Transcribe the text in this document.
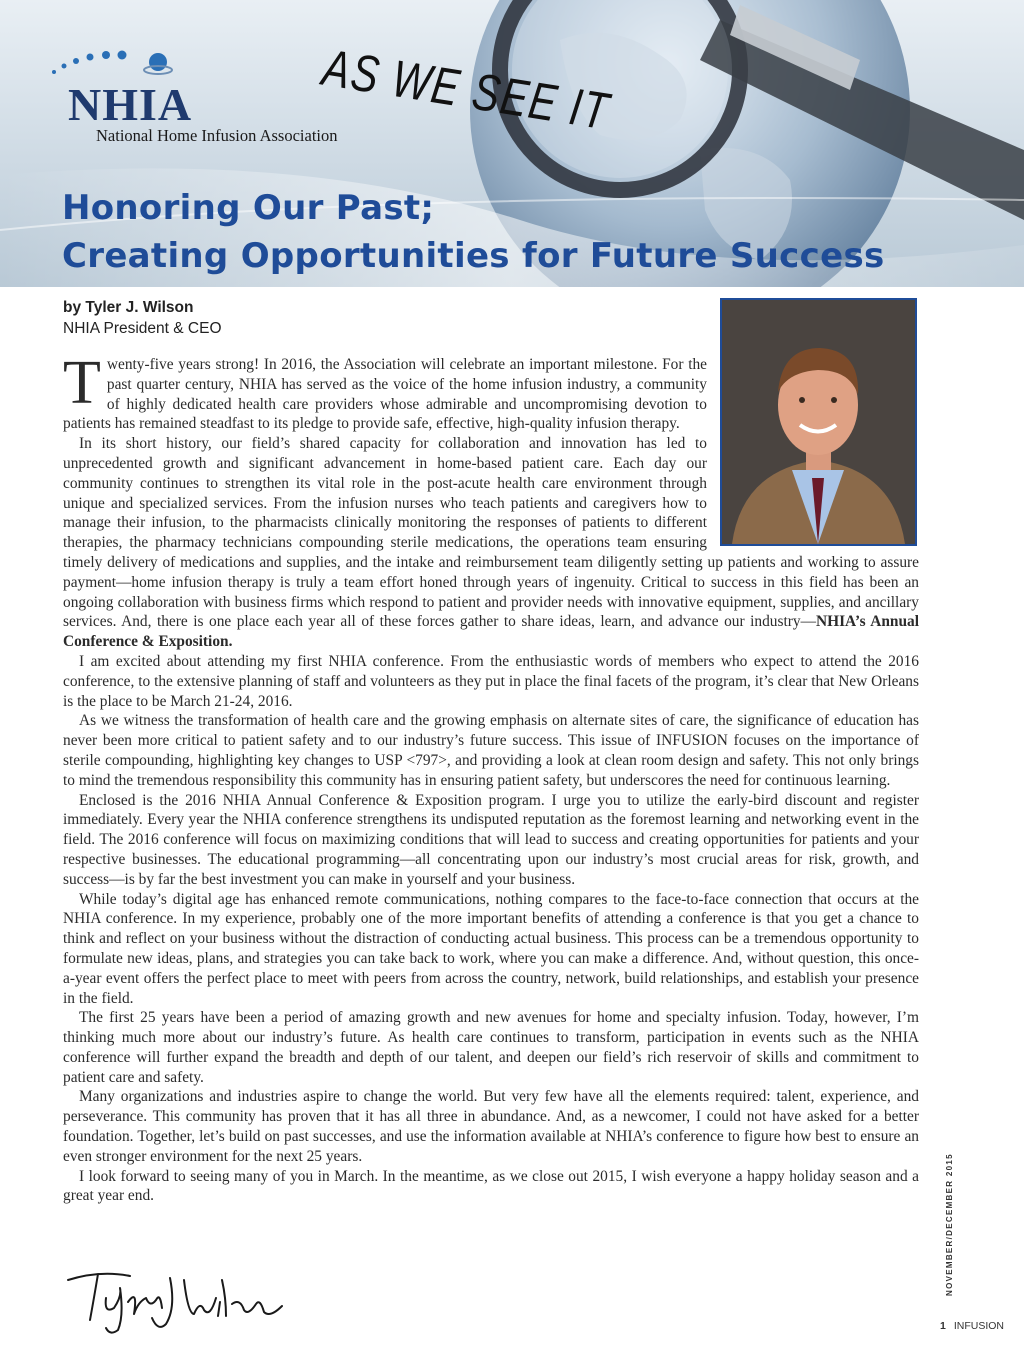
NHIA
National Home Infusion Association
AS WE SEE IT
Honoring Our Past;
Creating Opportunities for Future Success
by Tyler J. Wilson
NHIA President & CEO

Twenty-five years strong! In 2016, the Association will celebrate an important milestone. For the past quarter century, NHIA has served as the voice of the home infusion industry, a community of highly dedicated health care providers whose admirable and uncompromising devotion to patients has remained steadfast to its pledge to provide safe, effective, high-quality infusion therapy.

In its short history, our field’s shared capacity for collaboration and innovation has led to unprecedented growth and significant advancement in home-based patient care. Each day our community continues to strengthen its vital role in the post-acute health care environment through unique and specialized services. From the infusion nurses who teach patients and caregivers how to manage their infusion, to the pharmacists clinically monitoring the responses of patients to different therapies, the pharmacy technicians compounding sterile medications, the operations team ensuring timely delivery of medications and supplies, and the intake and reimbursement team diligently setting up patients and working to assure payment—home infusion therapy is truly a team effort honed through years of ingenuity. Critical to success in this field has been an ongoing collaboration with business firms which respond to patient and provider needs with innovative equipment, supplies, and ancillary services. And, there is one place each year all of these forces gather to share ideas, learn, and advance our industry—NHIA’s Annual Conference & Exposition.

I am excited about attending my first NHIA conference. From the enthusiastic words of members who expect to attend the 2016 conference, to the extensive planning of staff and volunteers as they put in place the final facets of the program, it’s clear that New Orleans is the place to be March 21-24, 2016.

As we witness the transformation of health care and the growing emphasis on alternate sites of care, the significance of education has never been more critical to patient safety and to our industry’s future success. This issue of INFUSION focuses on the importance of sterile compounding, highlighting key changes to USP <797>, and providing a look at clean room design and safety. This not only brings to mind the tremendous responsibility this community has in ensuring patient safety, but underscores the need for continuous learning.

Enclosed is the 2016 NHIA Annual Conference & Exposition program. I urge you to utilize the early-bird discount and register immediately. Every year the NHIA conference strengthens its undisputed reputation as the foremost learning and networking event in the field. The 2016 conference will focus on maximizing conditions that will lead to success and creating opportunities for patients and your respective businesses. The educational programming—all concentrating upon our industry’s most crucial areas for risk, growth, and success—is by far the best investment you can make in yourself and your business.

While today’s digital age has enhanced remote communications, nothing compares to the face-to-face connection that occurs at the NHIA conference. In my experience, probably one of the more important benefits of attending a conference is that you get a chance to think and reflect on your business without the distraction of conducting actual business. This process can be a tremendous opportunity to formulate new ideas, plans, and strategies you can take back to work, where you can make a difference. And, without question, this once-a-year event offers the perfect place to meet with peers from across the country, network, build relationships, and establish your presence in the field.

The first 25 years have been a period of amazing growth and new avenues for home and specialty infusion. Today, however, I’m thinking much more about our industry’s future. As health care continues to transform, participation in events such as the NHIA conference will further expand the breadth and depth of our talent, and deepen our field’s rich reservoir of skills and commitment to patient care and safety.

Many organizations and industries aspire to change the world. But very few have all the elements required: talent, experience, and perseverance. This community has proven that it has all three in abundance. And, as a newcomer, I could not have asked for a better foundation. Together, let’s build on past successes, and use the information available at NHIA’s conference to figure how best to ensure an even stronger environment for the next 25 years.

I look forward to seeing many of you in March. In the meantime, as we close out 2015, I wish everyone a happy holiday season and a great year end.	NOVEMBER/DECEMBER 2015
1 INFUSION
